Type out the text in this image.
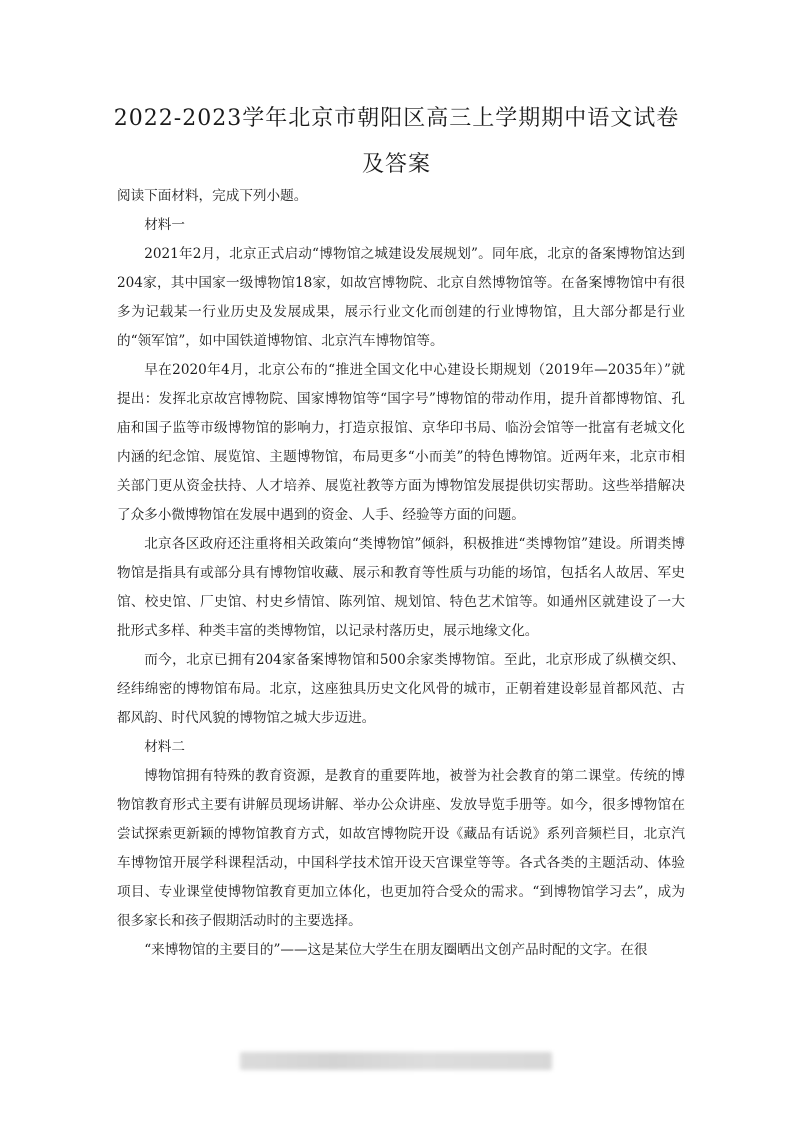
2022-2023学年北京市朝阳区高三上学期期中语文试卷及答案

阅读下面材料，完成下列小题。

材料一

2021年2月，北京正式启动“博物馆之城建设发展规划”。同年底，北京的备案博物馆达到204家，其中国家一级博物馆18家，如故宫博物院、北京自然博物馆等。在备案博物馆中有很多为记载某一行业历史及发展成果，展示行业文化而创建的行业博物馆，且大部分都是行业的“领军馆”，如中国铁道博物馆、北京汽车博物馆等。

早在2020年4月，北京公布的“推进全国文化中心建设长期规划（2019年—2035年）”就提出：发挥北京故宫博物院、国家博物馆等“国字号”博物馆的带动作用，提升首都博物馆、孔庙和国子监等市级博物馆的影响力，打造京报馆、京华印书局、临汾会馆等一批富有老城文化内涵的纪念馆、展览馆、主题博物馆，布局更多“小而美”的特色博物馆。近两年来，北京市相关部门更从资金扶持、人才培养、展览社教等方面为博物馆发展提供切实帮助。这些举措解决了众多小微博物馆在发展中遇到的资金、人手、经验等方面的问题。

北京各区政府还注重将相关政策向“类博物馆”倾斜，积极推进“类博物馆”建设。所谓类博物馆是指具有或部分具有博物馆收藏、展示和教育等性质与功能的场馆，包括名人故居、军史馆、校史馆、厂史馆、村史乡情馆、陈列馆、规划馆、特色艺术馆等。如通州区就建设了一大批形式多样、种类丰富的类博物馆，以记录村落历史，展示地缘文化。

而今，北京已拥有204家备案博物馆和500余家类博物馆。至此，北京形成了纵横交织、经纬绵密的博物馆布局。北京，这座独具历史文化风骨的城市，正朝着建设彰显首都风范、古都风韵、时代风貌的博物馆之城大步迈进。

材料二

博物馆拥有特殊的教育资源，是教育的重要阵地，被誉为社会教育的第二课堂。传统的博物馆教育形式主要有讲解员现场讲解、举办公众讲座、发放导览手册等。如今，很多博物馆在尝试探索更新颖的博物馆教育方式，如故宫博物院开设《藏品有话说》系列音频栏目，北京汽车博物馆开展学科课程活动，中国科学技术馆开设天宫课堂等等。各式各类的主题活动、体验项目、专业课堂使博物馆教育更加立体化，也更加符合受众的需求。“到博物馆学习去”，成为很多家长和孩子假期活动时的主要选择。

“来博物馆的主要目的”——这是某位大学生在朋友圈晒出文创产品时配的文字。在很
